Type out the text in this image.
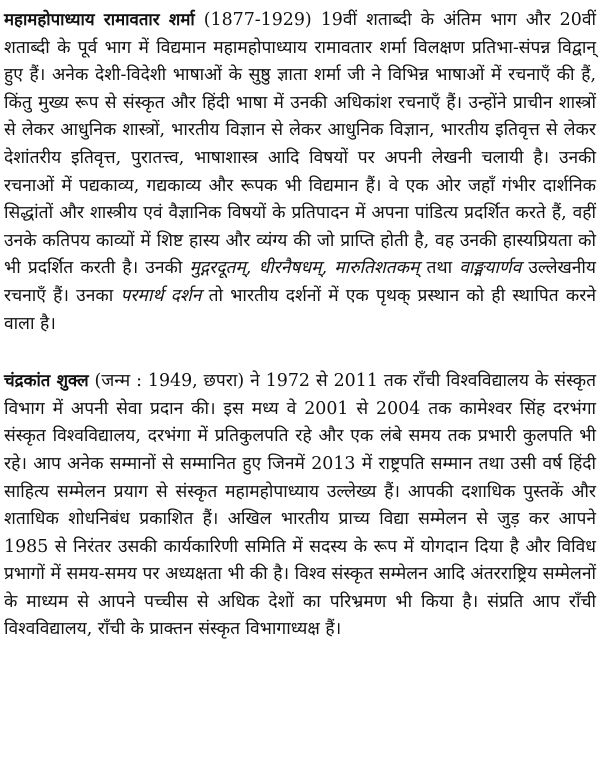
महामहोपाध्याय रामावतार शर्मा (1877-1929) 19वीं शताब्दी के अंतिम भाग और 20वीं शताब्दी के पूर्व भाग में विद्यमान महामहोपाध्याय रामावतार शर्मा विलक्षण प्रतिभा-संपन्न विद्वान् हुए हैं। अनेक देशी-विदेशी भाषाओं के सुष्ठु ज्ञाता शर्मा जी ने विभिन्न भाषाओं में रचनाएँ की हैं, किंतु मुख्य रूप से संस्कृत और हिंदी भाषा में उनकी अधिकांश रचनाएँ हैं। उन्होंने प्राचीन शास्त्रों से लेकर आधुनिक शास्त्रों, भारतीय विज्ञान से लेकर आधुनिक विज्ञान, भारतीय इतिवृत्त से लेकर देशांतरीय इतिवृत्त, पुरातत्त्व, भाषाशास्त्र आदि विषयों पर अपनी लेखनी चलायी है। उनकी रचनाओं में पद्यकाव्य, गद्यकाव्य और रूपक भी विद्यमान हैं। वे एक ओर जहाँ गंभीर दार्शनिक सिद्धांतों और शास्त्रीय एवं वैज्ञानिक विषयों के प्रतिपादन में अपना पांडित्य प्रदर्शित करते हैं, वहीं उनके कतिपय काव्यों में शिष्ट हास्य और व्यंग्य की जो प्राप्ति होती है, वह उनकी हास्यप्रियता को भी प्रदर्शित करती है। उनकी मुद्गरदूतम्, धीरनैषधम्, मारुतिशतकम् तथा वाङ्मयार्णव उल्लेखनीय रचनाएँ हैं। उनका परमार्थ दर्शन तो भारतीय दर्शनों में एक पृथक् प्रस्थान को ही स्थापित करने वाला है।

चंद्रकांत शुक्ल (जन्म : 1949, छपरा) ने 1972 से 2011 तक राँची विश्वविद्यालय के संस्कृत विभाग में अपनी सेवा प्रदान की। इस मध्य वे 2001 से 2004 तक कामेश्वर सिंह दरभंगा संस्कृत विश्वविद्यालय, दरभंगा में प्रतिकुलपति रहे और एक लंबे समय तक प्रभारी कुलपति भी रहे। आप अनेक सम्मानों से सम्मानित हुए जिनमें 2013 में राष्ट्रपति सम्मान तथा उसी वर्ष हिंदी साहित्य सम्मेलन प्रयाग से संस्कृत महामहोपाध्याय उल्लेख्य हैं। आपकी दशाधिक पुस्तकें और शताधिक शोधनिबंध प्रकाशित हैं। अखिल भारतीय प्राच्य विद्या सम्मेलन से जुड़ कर आपने 1985 से निरंतर उसकी कार्यकारिणी समिति में सदस्य के रूप में योगदान दिया है और विविध प्रभागों में समय-समय पर अध्यक्षता भी की है। विश्व संस्कृत सम्मेलन आदि अंतरराष्ट्रिय सम्मेलनों के माध्यम से आपने पच्चीस से अधिक देशों का परिभ्रमण भी किया है। संप्रति आप राँची विश्वविद्यालय, राँची के प्राक्तन संस्कृत विभागाध्यक्ष हैं।
